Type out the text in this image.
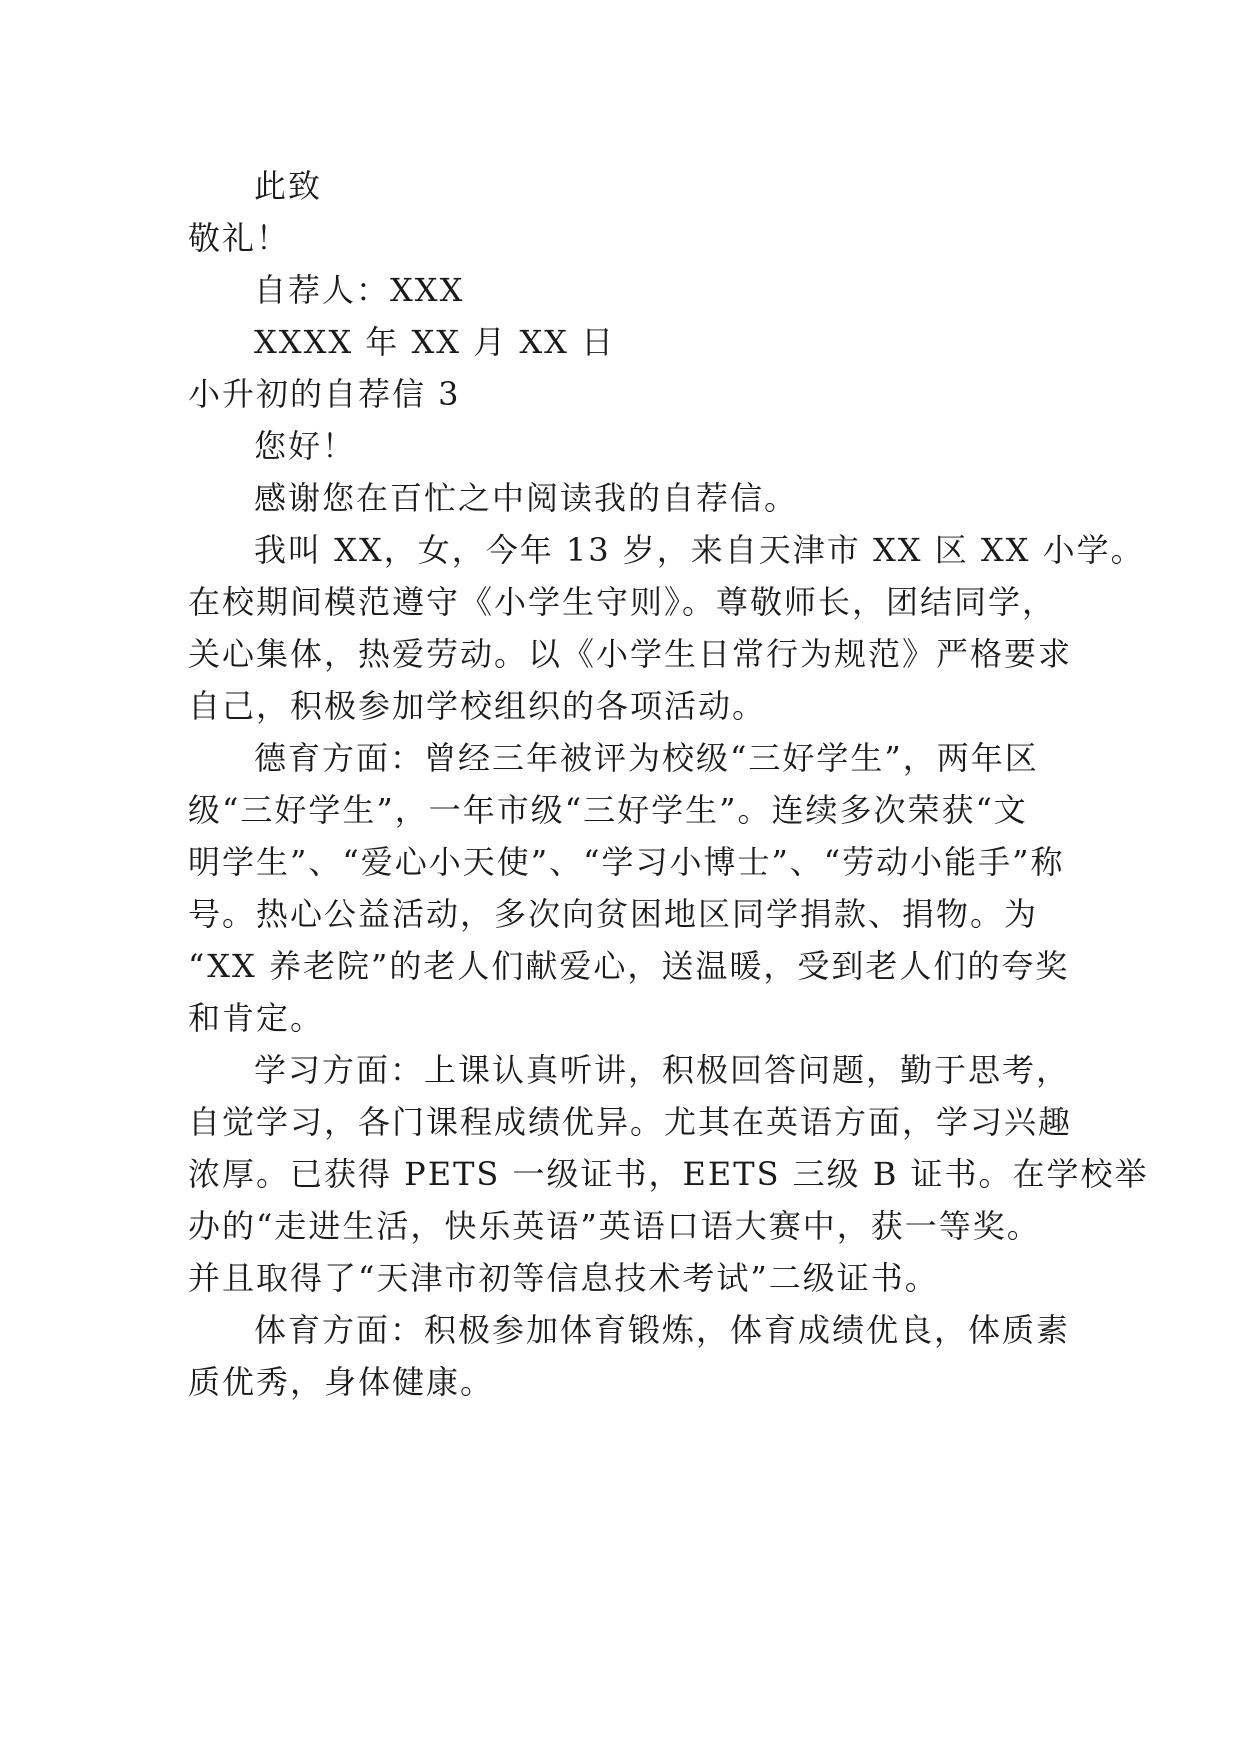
此致
敬礼！
自荐人：XXX
XXXX 年 XX 月 XX 日
小升初的自荐信 3
您好！
感谢您在百忙之中阅读我的自荐信。
我叫 XX，女，今年 13 岁，来自天津市 XX 区 XX 小学。
在校期间模范遵守《小学生守则》。尊敬师长，团结同学，
关心集体，热爱劳动。以《小学生日常行为规范》严格要求
自己，积极参加学校组织的各项活动。
德育方面：曾经三年被评为校级“三好学生”，两年区
级“三好学生”，一年市级“三好学生”。连续多次荣获“文
明学生”、“爱心小天使”、“学习小博士”、“劳动小能手”称
号。热心公益活动，多次向贫困地区同学捐款、捐物。为
“XX 养老院”的老人们献爱心，送温暖，受到老人们的夸奖
和肯定。
学习方面：上课认真听讲，积极回答问题，勤于思考，
自觉学习，各门课程成绩优异。尤其在英语方面，学习兴趣
浓厚。已获得 PETS 一级证书，EETS 三级 B 证书。在学校举
办的“走进生活，快乐英语”英语口语大赛中，获一等奖。
并且取得了“天津市初等信息技术考试”二级证书。
体育方面：积极参加体育锻炼，体育成绩优良，体质素
质优秀，身体健康。
